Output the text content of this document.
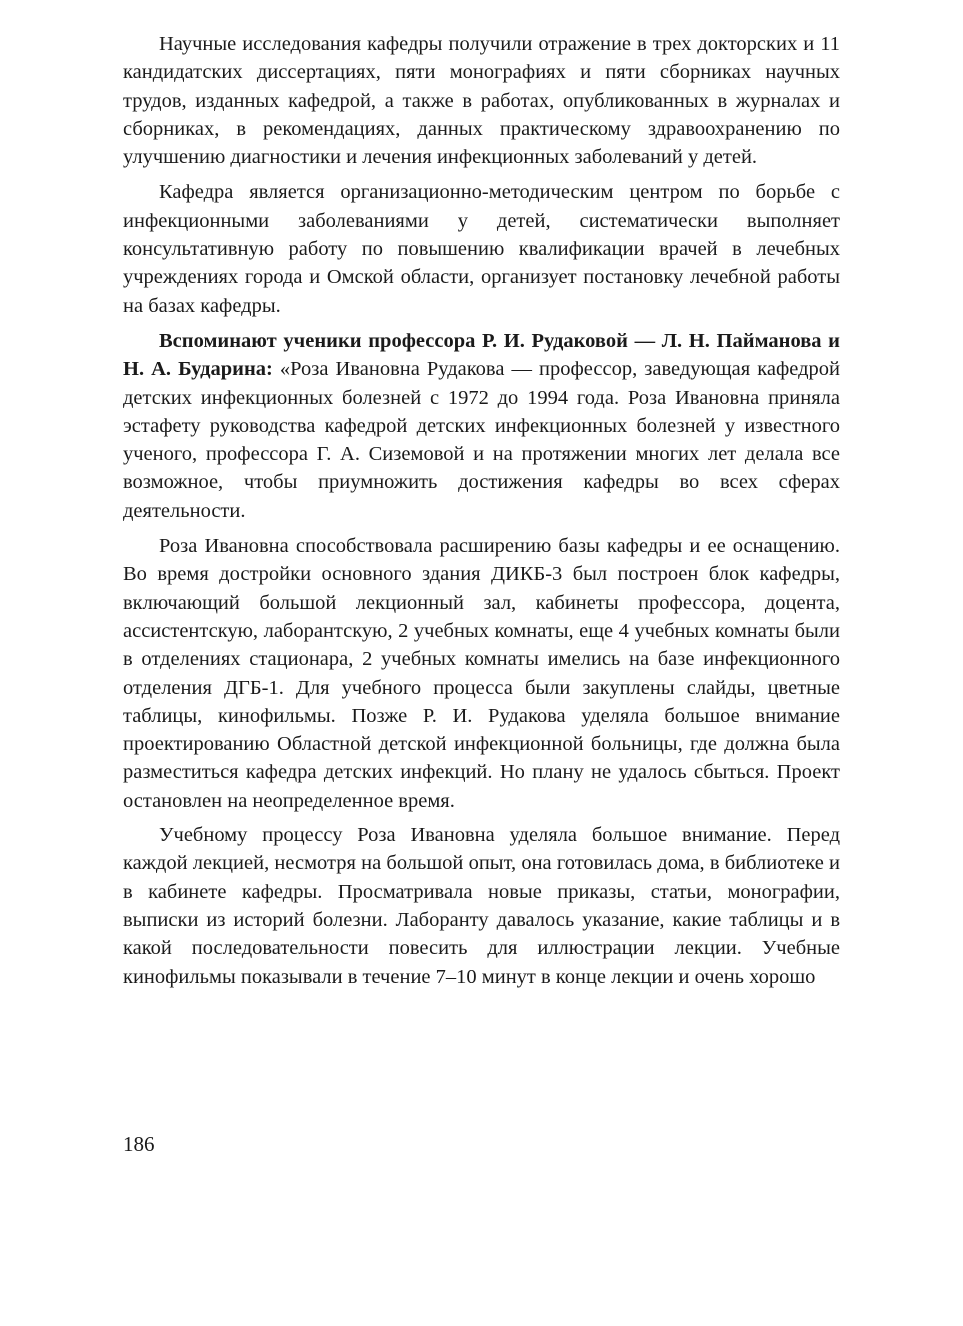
Научные исследования кафедры получили отражение в трех докторских и 11 кандидатских диссертациях, пяти монографиях и пяти сборниках научных трудов, изданных кафедрой, а также в работах, опубликованных в журналах и сборниках, в рекомендациях, данных практическому здравоохранению по улучшению диагностики и лечения инфекционных заболеваний у детей.

Кафедра является организационно-методическим центром по борьбе с инфекционными заболеваниями у детей, систематически выполняет консультативную работу по повышению квалификации врачей в лечебных учреждениях города и Омской области, организует постановку лечебной работы на базах кафедры.

Вспоминают ученики профессора Р. И. Рудаковой — Л. Н. Пайманова и Н. А. Бударина: «Роза Ивановна Рудакова — профессор, заведующая кафедрой детских инфекционных болезней с 1972 до 1994 года. Роза Ивановна приняла эстафету руководства кафедрой детских инфекционных болезней у известного ученого, профессора Г. А. Сиземовой и на протяжении многих лет делала все возможное, чтобы приумножить достижения кафедры во всех сферах деятельности.

Роза Ивановна способствовала расширению базы кафедры и ее оснащению. Во время достройки основного здания ДИКБ-3 был построен блок кафедры, включающий большой лекционный зал, кабинеты профессора, доцента, ассистентскую, лаборантскую, 2 учебных комнаты, еще 4 учебных комнаты были в отделениях стационара, 2 учебных комнаты имелись на базе инфекционного отделения ДГБ-1. Для учебного процесса были закуплены слайды, цветные таблицы, кинофильмы. Позже Р. И. Рудакова уделяла большое внимание проектированию Областной детской инфекционной больницы, где должна была разместиться кафедра детских инфекций. Но плану не удалось сбыться. Проект остановлен на неопределенное время.

Учебному процессу Роза Ивановна уделяла большое внимание. Перед каждой лекцией, несмотря на большой опыт, она готовилась дома, в библиотеке и в кабинете кафедры. Просматривала новые приказы, статьи, монографии, выписки из историй болезни. Лаборанту давалось указание, какие таблицы и в какой последовательности повесить для иллюстрации лекции. Учебные кинофильмы показывали в течение 7–10 минут в конце лекции и очень хорошо

186
